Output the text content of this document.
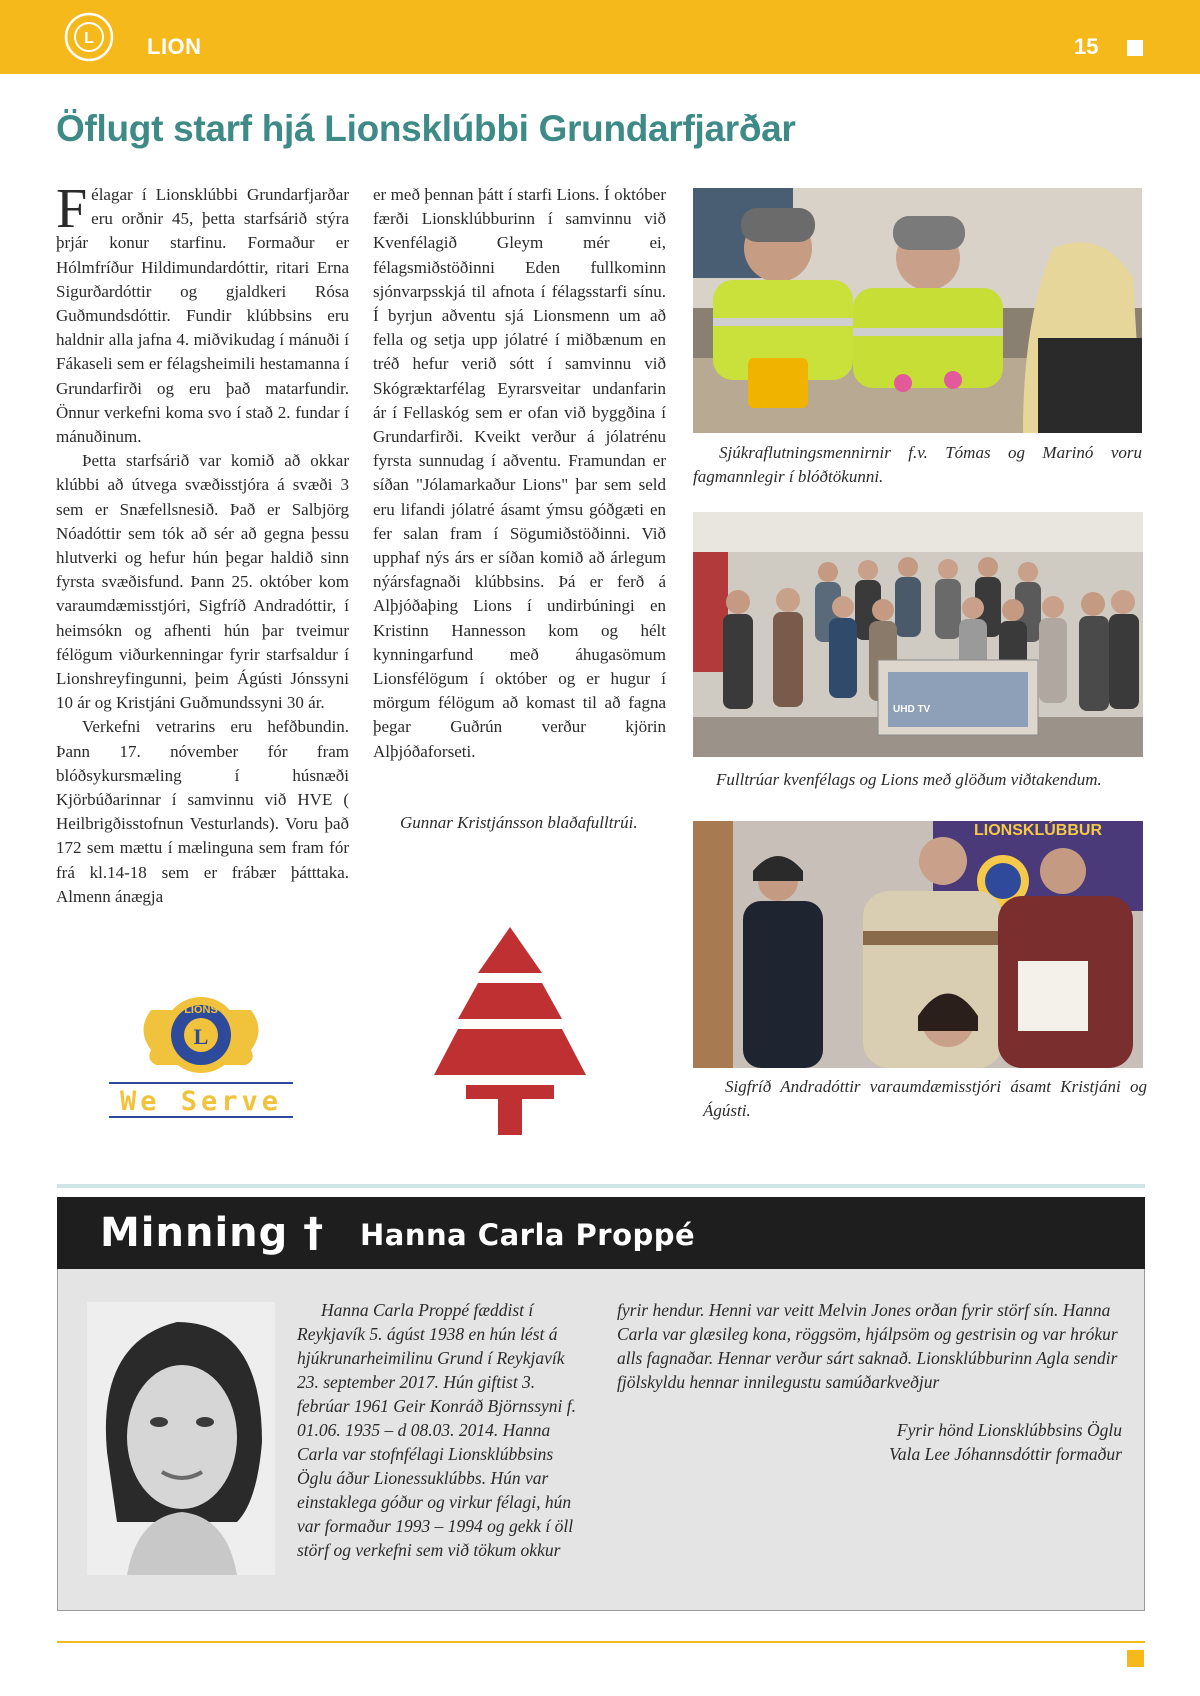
L LION	15
Öflugt starf hjá Lionsklúbbi Grundarfjarðar

Félagar í Lionsklúbbi Grundarfjarðar eru orðnir 45, þetta starfsárið stýra þrjár konur starfinu. Formaður er Hólmfríður Hildimundardóttir, ritari Erna Sigurðardóttir og gjaldkeri Rósa Guðmundsdóttir. Fundir klúbbsins eru haldnir alla jafna 4. miðvikudag í mánuði í Fákaseli sem er félagsheimili hestamanna í Grundarfirði og eru það matarfundir. Önnur verkefni koma svo í stað 2. fundar í mánuðinum.

Þetta starfsárið var komið að okkar klúbbi að útvega svæðisstjóra á svæði 3 sem er Snæfellsnesið. Það er Salbjörg Nóadóttir sem tók að sér að gegna þessu hlutverki og hefur hún þegar haldið sinn fyrsta svæðisfund. Þann 25. október kom varaumdæmisstjóri, Sigfríð Andradóttir, í heimsókn og afhenti hún þar tveimur félögum viðurkenningar fyrir starfsaldur í Lionshreyfingunni, þeim Ágústi Jónssyni 10 ár og Kristjáni Guðmundssyni 30 ár.

Verkefni vetrarins eru hefðbundin. Þann 17. nóvember fór fram blóðsykursmæling í húsnæði Kjörbúðarinnar í samvinnu við HVE ( Heilbrigðisstofnun Vesturlands). Voru það 172 sem mættu í mælinguna sem fram fór frá kl.14-18 sem er frábær þátttaka. Almenn ánægja

er með þennan þátt í starfi Lions. Í október færði Lionsklúbburinn í samvinnu við Kvenfélagið Gleym mér ei, félagsmiðstöðinni Eden fullkominn sjónvarpsskjá til afnota í félagsstarfi sínu. Í byrjun aðventu sjá Lionsmenn um að fella og setja upp jólatré í miðbænum en tréð hefur verið sótt í samvinnu við Skógræktarfélag Eyrarsveitar undanfarin ár í Fellaskóg sem er ofan við byggðina í Grundarfirði. Kveikt verður á jólatrénu fyrsta sunnudag í aðventu. Framundan er síðan "Jólamarkaður Lions" þar sem seld eru lifandi jólatré ásamt ýmsu góðgæti en fer salan fram í Sögumiðstöðinni. Við upphaf nýs árs er síðan komið að árlegum nýársfagnaði klúbbsins. Þá er ferð á Alþjóðaþing Lions í undirbúningi en Kristinn Hannesson kom og hélt kynningarfund með áhugasömum Lionsfélögum í október og er hugur í mörgum félögum að komast til að fagna þegar Guðrún verður kjörin Alþjóðaforseti.

Gunnar Kristjánsson blaðafulltrúi.
Sjúkraflutningsmennirnir f.v. Tómas og Marinó voru fagmannlegir í blóðtökunni.
UHD TV
Fulltrúar kvenfélags og Lions með glöðum viðtakendum.
LIONSKLÚBBUR
Sigfríð Andradóttir varaumdæmisstjóri ásamt Kristjáni og Ágústi.
L
LIONS
We Serve
Minning † Hanna Carla Proppé

Hanna Carla Proppé fæddist í Reykjavík 5. ágúst 1938 en hún lést á hjúkrunarheimilinu Grund í Reykjavík 23. september 2017. Hún giftist 3. febrúar 1961 Geir Konráð Björnssyni f. 01.06. 1935 – d 08.03. 2014. Hanna Carla var stofnfélagi Lionsklúbbsins Öglu áður Lionessuklúbbs. Hún var einstaklega góður og virkur félagi, hún var formaður 1993 – 1994 og gekk í öll störf og verkefni sem við tökum okkur

fyrir hendur. Henni var veitt Melvin Jones orðan fyrir störf sín. Hanna Carla var glæsileg kona, röggsöm, hjálpsöm og gestrisin og var hrókur alls fagnaðar. Hennar verður sárt saknað. Lionsklúbburinn Agla sendir fjölskyldu hennar innilegustu samúðarkveðjur

Fyrir hönd Lionsklúbbsins Öglu

Vala Lee Jóhannsdóttir formaður
